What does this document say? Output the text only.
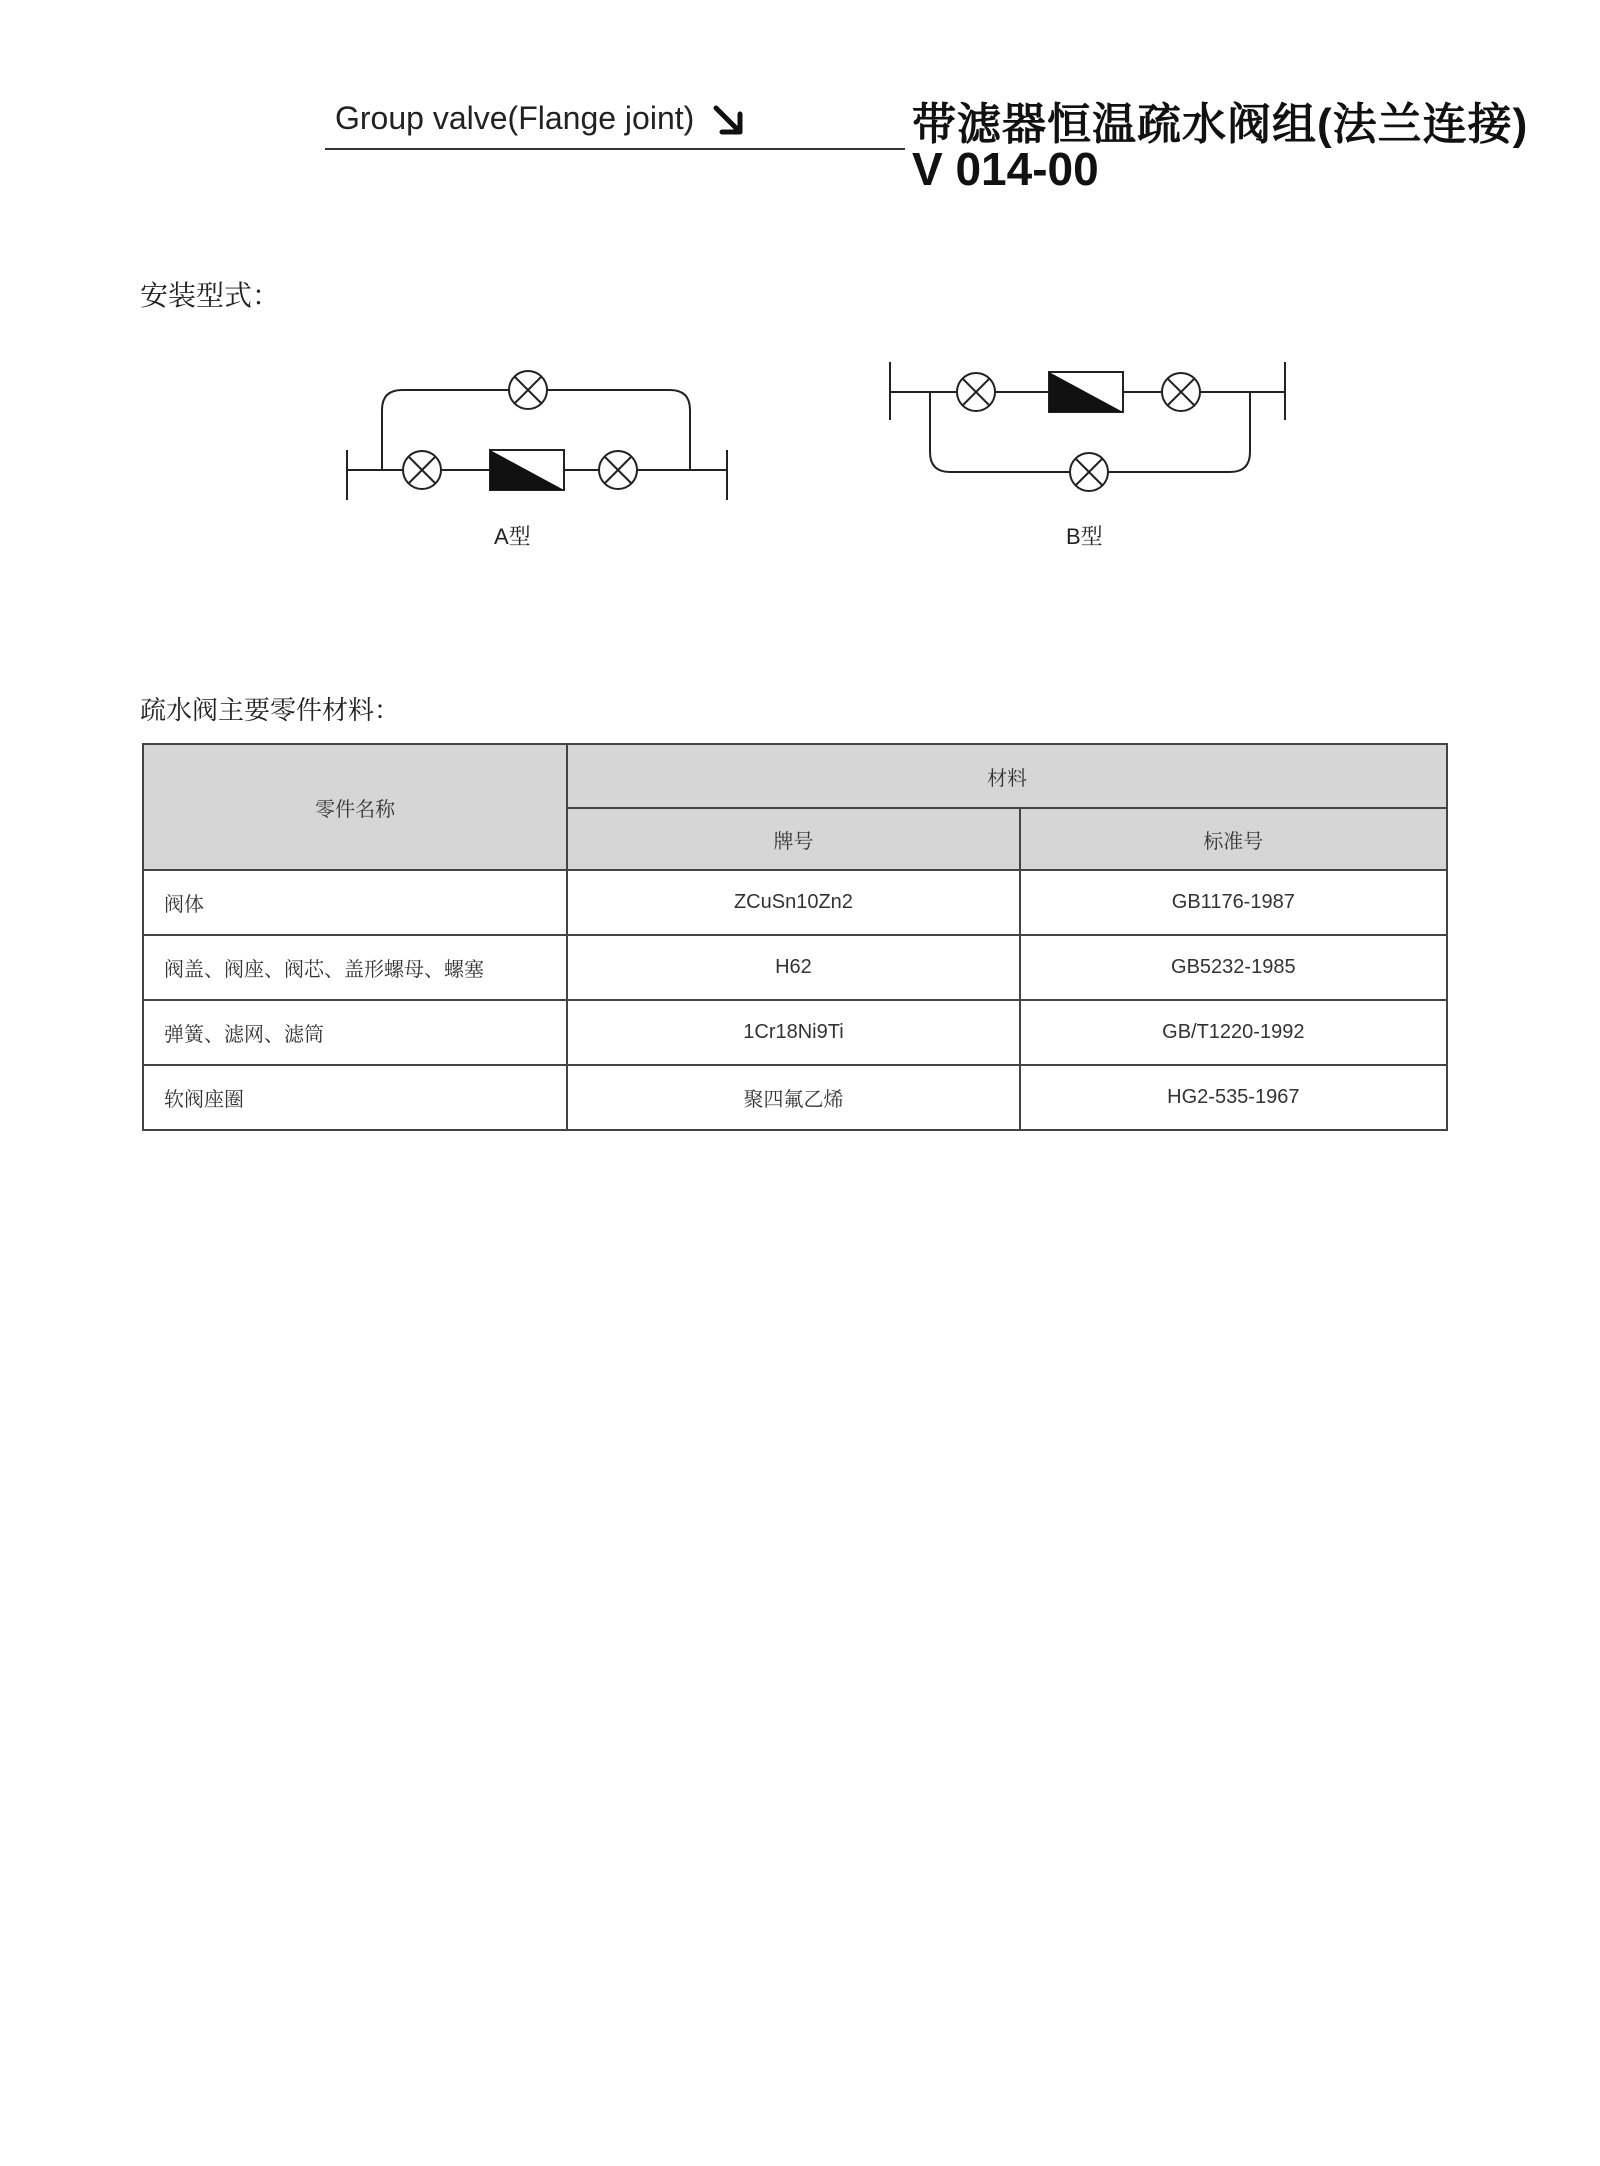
Group valve(Flange joint)	带滤器恒温疏水阀组(法兰连接)
V 014-00
安装型式：
A型	B型
疏水阀主要零件材料：
零件名称	材料	
	牌号	标准号
阀体	ZCuSn10Zn2	GB1176-1987
阀盖、阀座、阀芯、盖形螺母、螺塞	H62	GB5232-1985
弹簧、滤网、滤筒	1Cr18Ni9Ti	GB/T1220-1992
软阀座圈	聚四氟乙烯	HG2-535-1967
